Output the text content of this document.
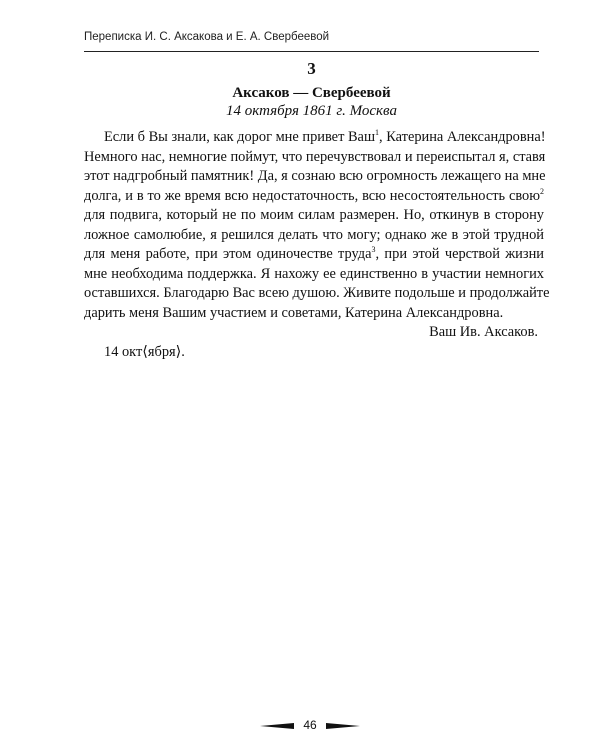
Переписка И. С. Аксакова и Е. А. Свербеевой
3
Аксаков — Свербеевой
14 октября 1861 г. Москва
Если б Вы знали, как дорог мне привет Ваш$^1$, Катерина Александровна!
Немного нас, немногие поймут, что перечувствовал и переиспытал я, ставя
этот надгробный памятник! Да, я сознаю всю огромность лежащего на мне
долга, и в то же время всю недостаточность, всю несостоятельность свою$^2$
для подвига, который не по моим силам размерен. Но, откинув в сторону
ложное самолюбие, я решился делать что могу; однако же в этой трудной
для меня работе, при этом одиночестве труда$^3$, при этой черствой жизни
мне необходима поддержка. Я нахожу ее единственно в участии немногих
оставшихся. Благодарю Вас всею душою. Живите подольше и продолжайте
дарить меня Вашим участием и советами, Катерина Александровна.
Ваш Ив. Аксаков.
14 окт⟨ября⟩.
46
